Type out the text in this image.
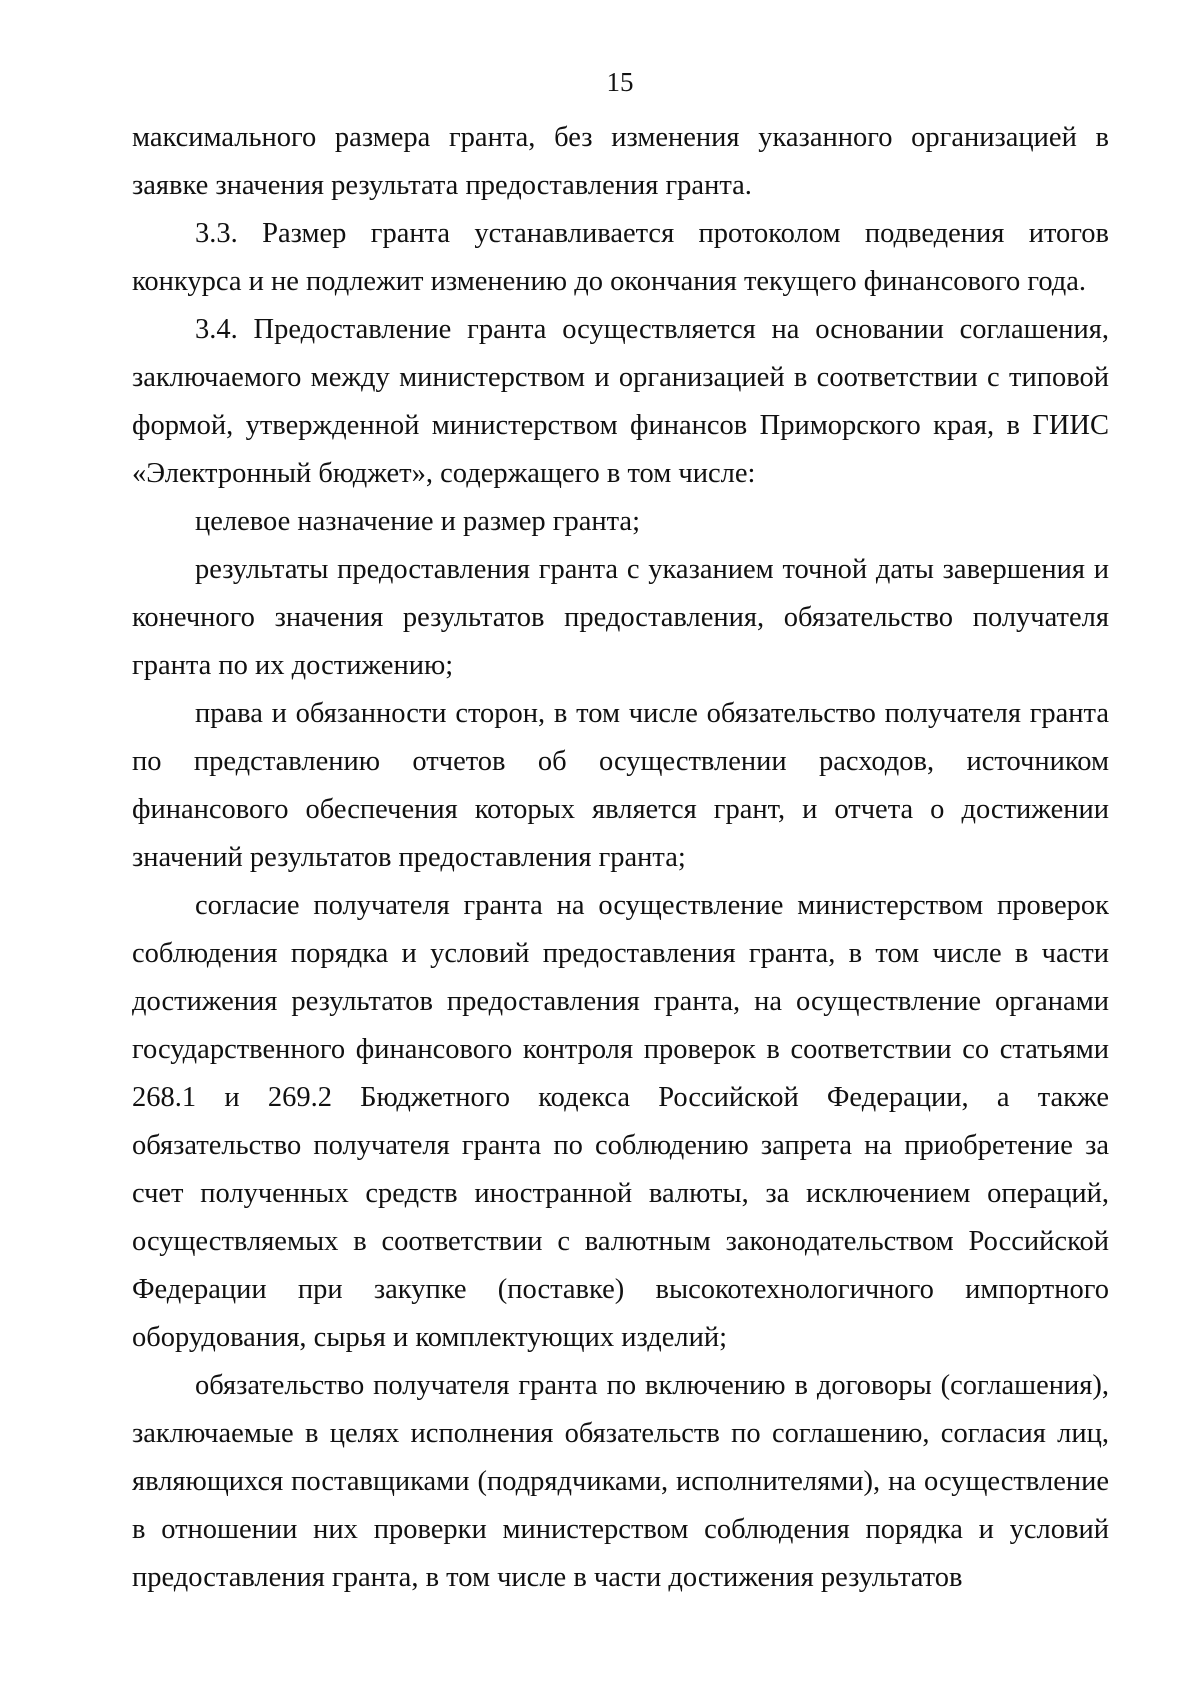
15

максимального размера гранта, без изменения указанного организацией в заявке значения результата предоставления гранта.

3.3. Размер гранта устанавливается протоколом подведения итогов конкурса и не подлежит изменению до окончания текущего финансового года.

3.4. Предоставление гранта осуществляется на основании соглашения, заключаемого между министерством и организацией в соответствии с типовой формой, утвержденной министерством финансов Приморского края, в ГИИС «Электронный бюджет», содержащего в том числе:

целевое назначение и размер гранта;

результаты предоставления гранта с указанием точной даты завершения и конечного значения результатов предоставления, обязательство получателя гранта по их достижению;

права и обязанности сторон, в том числе обязательство получателя гранта по представлению отчетов об осуществлении расходов, источником финансового обеспечения которых является грант, и отчета о достижении значений результатов предоставления гранта;

согласие получателя гранта на осуществление министерством проверок соблюдения порядка и условий предоставления гранта, в том числе в части достижения результатов предоставления гранта, на осуществление органами государственного финансового контроля проверок в соответствии со статьями 268.1 и 269.2 Бюджетного кодекса Российской Федерации, а также обязательство получателя гранта по соблюдению запрета на приобретение за счет полученных средств иностранной валюты, за исключением операций, осуществляемых в соответствии с валютным законодательством Российской Федерации при закупке (поставке) высокотехнологичного импортного оборудования, сырья и комплектующих изделий;

обязательство получателя гранта по включению в договоры (соглашения), заключаемые в целях исполнения обязательств по соглашению, согласия лиц, являющихся поставщиками (подрядчиками, исполнителями), на осуществление в отношении них проверки министерством соблюдения порядка и условий предоставления гранта, в том числе в части достижения результатов
